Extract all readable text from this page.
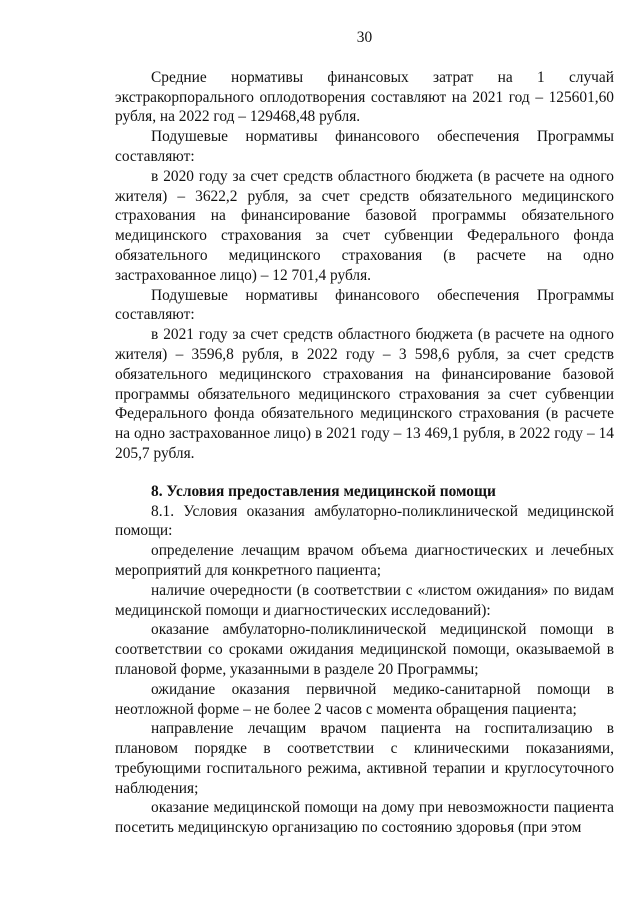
30

Средние нормативы финансовых затрат на 1 случай экстракорпорального оплодотворения составляют на 2021 год – 125601,60 рубля, на 2022 год – 129468,48 рубля.

Подушевые нормативы финансового обеспечения Программы составляют:

в 2020 году за счет средств областного бюджета (в расчете на одного жителя) – 3622,2 рубля, за счет средств обязательного медицинского страхования на финансирование базовой программы обязательного медицинского страхования за счет субвенции Федерального фонда обязательного медицинского страхования (в расчете на одно застрахованное лицо) – 12 701,4 рубля.

Подушевые нормативы финансового обеспечения Программы составляют:

в 2021 году за счет средств областного бюджета (в расчете на одного жителя) – 3596,8 рубля, в 2022 году – 3 598,6 рубля, за счет средств обязательного медицинского страхования на финансирование базовой программы обязательного медицинского страхования за счет субвенции Федерального фонда обязательного медицинского страхования (в расчете на одно застрахованное лицо) в 2021 году – 13 469,1 рубля, в 2022 году – 14 205,7 рубля.

8. Условия предоставления медицинской помощи

8.1. Условия оказания амбулаторно-поликлинической медицинской помощи:

определение лечащим врачом объема диагностических и лечебных мероприятий для конкретного пациента;

наличие очередности (в соответствии с «листом ожидания» по видам медицинской помощи и диагностических исследований):

оказание амбулаторно-поликлинической медицинской помощи в соответствии со сроками ожидания медицинской помощи, оказываемой в плановой форме, указанными в разделе 20 Программы;

ожидание оказания первичной медико-санитарной помощи в неотложной форме – не более 2 часов с момента обращения пациента;

направление лечащим врачом пациента на госпитализацию в плановом порядке в соответствии с клиническими показаниями, требующими госпитального режима, активной терапии и круглосуточного наблюдения;

оказание медицинской помощи на дому при невозможности пациента посетить медицинскую организацию по состоянию здоровья (при этом
